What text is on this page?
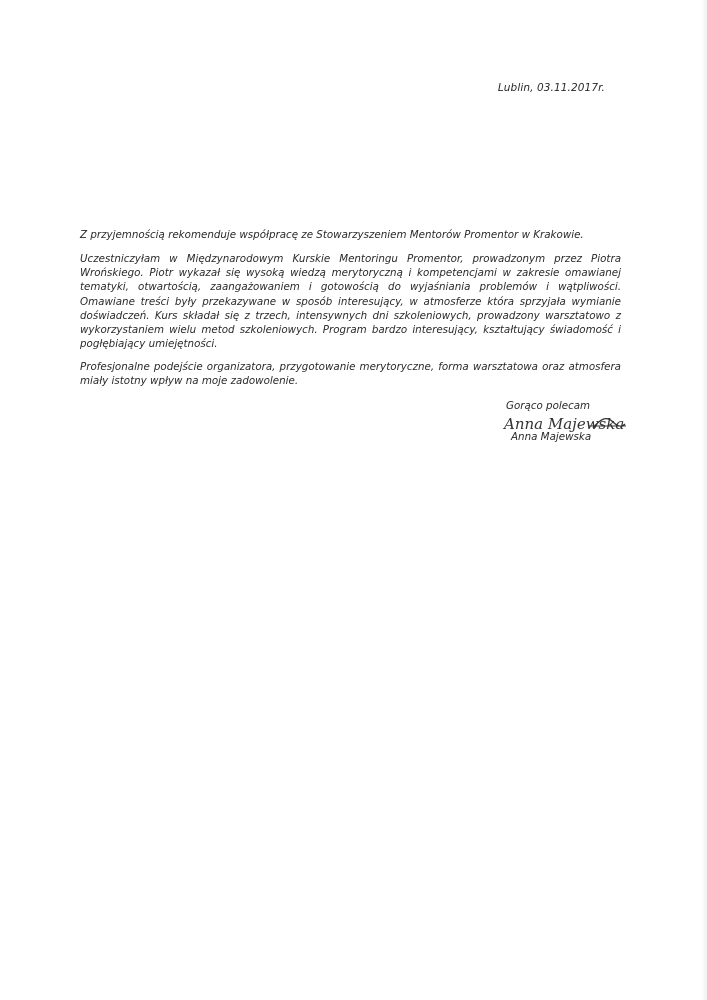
Lublin, 03.11.2017r.

Z przyjemnością rekomenduje współpracę ze Stowarzyszeniem Mentorów Promentor w Krakowie.

Uczestniczyłam w Międzynarodowym Kurskie Mentoringu Promentor, prowadzonym przez Piotra Wrońskiego. Piotr wykazał się wysoką wiedzą merytoryczną i kompetencjami w zakresie omawianej tematyki, otwartością, zaangażowaniem i gotowością do wyjaśniania problemów i wątpliwości. Omawiane treści były przekazywane w sposób interesujący, w atmosferze która sprzyjała wymianie doświadczeń. Kurs składał się z trzech, intensywnych dni szkoleniowych, prowadzony warsztatowo z wykorzystaniem wielu metod szkoleniowych. Program bardzo interesujący, kształtujący świadomość i pogłębiający umiejętności.

Profesjonalne podejście organizatora, przygotowanie merytoryczne, forma warsztatowa oraz atmosfera miały istotny wpływ na moje zadowolenie.

Gorąco polecam
Anna Majewska
Anna Majewska
